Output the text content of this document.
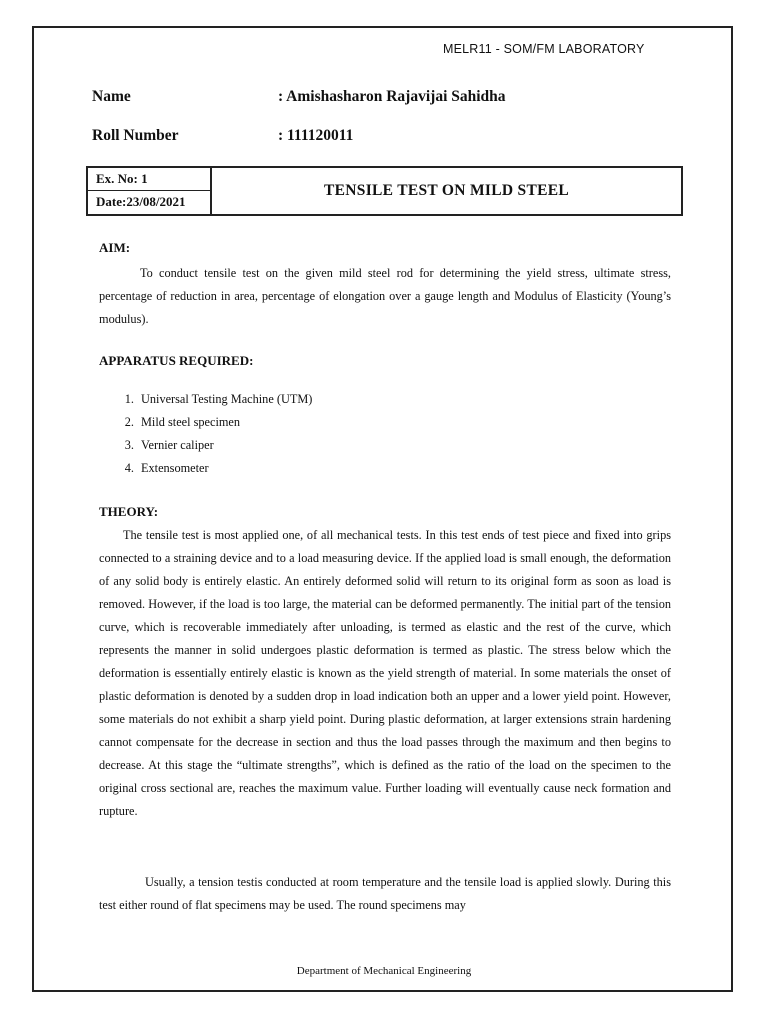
MELR11 - SOM/FM LABORATORY
Name	: Amishasharon Rajavijai Sahidha
Roll Number	: 111120011
Ex. No: 1
Date:23/08/2021
TENSILE TEST ON MILD STEEL
AIM:
To conduct tensile test on the given mild steel rod for determining the yield stress, ultimate stress, percentage of reduction in area, percentage of elongation over a gauge length and Modulus of Elasticity (Young’s modulus).
APPARATUS REQUIRED:
1. Universal Testing Machine (UTM)
2. Mild steel specimen
3. Vernier caliper
4. Extensometer
THEORY:
The tensile test is most applied one, of all mechanical tests. In this test ends of test piece and fixed into grips connected to a straining device and to a load measuring device. If the applied load is small enough, the deformation of any solid body is entirely elastic. An entirely deformed solid will return to its original form as soon as load is removed. However, if the load is too large, the material can be deformed permanently. The initial part of the tension curve, which is recoverable immediately after unloading, is termed as elastic and the rest of the curve, which represents the manner in solid undergoes plastic deformation is termed as plastic. The stress below which the deformation is essentially entirely elastic is known as the yield strength of material. In some materials the onset of plastic deformation is denoted by a sudden drop in load indication both an upper and a lower yield point. However, some materials do not exhibit a sharp yield point. During plastic deformation, at larger extensions strain hardening cannot compensate for the decrease in section and thus the load passes through the maximum and then begins to decrease. At this stage the “ultimate strengths”, which is defined as the ratio of the load on the specimen to the original cross sectional are, reaches the maximum value. Further loading will eventually cause neck formation and rupture.
Usually, a tension testis conducted at room temperature and the tensile load is applied slowly. During this test either round of flat specimens may be used. The round specimens may
Department of Mechanical Engineering
